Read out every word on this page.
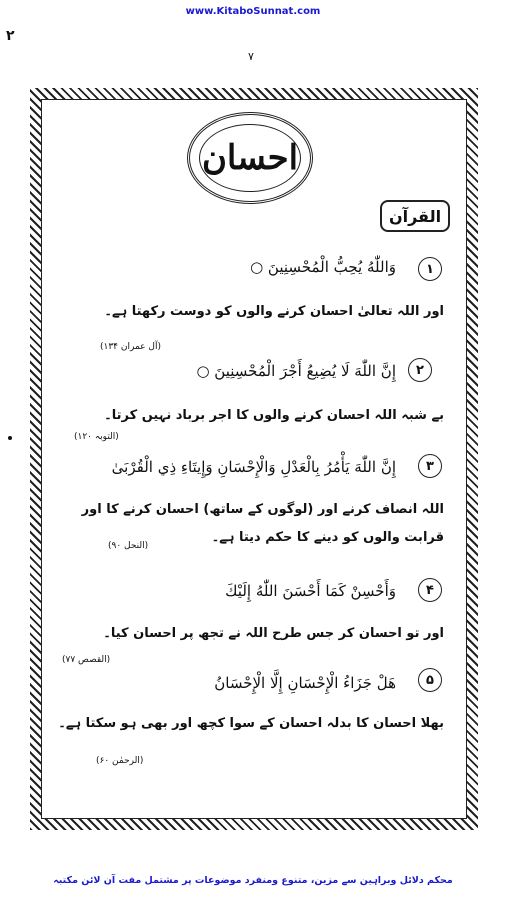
www.KitaboSunnat.com
۲
۷
احسان
القرآن
۱
وَاللّٰهُ يُحِبُّ الْمُحْسِنِينَ ○
اور اللہ تعالیٰ احسان کرنے والوں کو دوست رکھتا ہے۔
(آل عمران ۱۳۴)
۲
إِنَّ اللّٰهَ لَا يُضِيعُ أَجْرَ الْمُحْسِنِينَ ○
بے شبہ اللہ احسان کرنے والوں کا اجر برباد نہیں کرتا۔
(التوبہ ۱۲۰)
۳
إِنَّ اللّٰهَ يَأْمُرُ بِالْعَدْلِ وَالْإِحْسَانِ وَإِيتَاءِ ذِي الْقُرْبَىٰ
اللہ انصاف کرنے اور (لوگوں کے ساتھ) احسان کرنے کا اور
قرابت والوں کو دینے کا حکم دیتا ہے۔
(النحل ۹۰)
۴
وَأَحْسِنْ كَمَا أَحْسَنَ اللّٰهُ إِلَيْكَ
اور تو احسان کر جس طرح اللہ نے تجھ پر احسان کیا۔
(القصص ۷۷)
۵
هَلْ جَزَاءُ الْإِحْسَانِ إِلَّا الْإِحْسَانُ
بھلا احسان کا بدلہ احسان کے سوا کچھ اور بھی ہو سکتا ہے۔
(الرحمٰن ۶۰)
محکم دلائل وبراہین سے مزین، متنوع ومنفرد موضوعات پر مشتمل مفت آن لائن مکتبہ
